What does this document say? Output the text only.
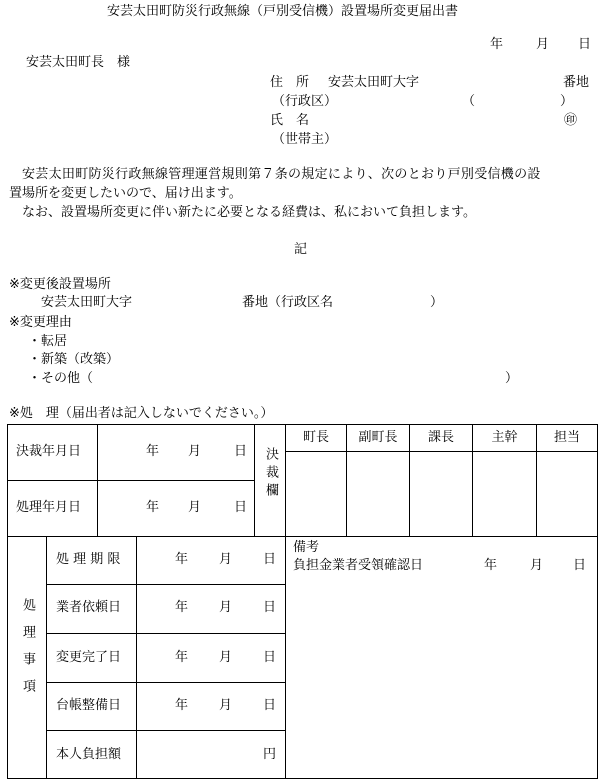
安芸太田町防災行政無線（戸別受信機）設置場所変更届出書
年	月 日
安芸太田町長　様
住　所 安芸太田町大字	番地
（行政区）	（	）
氏　名	㊞
（世帯主）
安芸太田町防災行政無線管理運営規則第７条の規定により、次のとおり戸別受信機の設
置場所を変更したいので、届け出ます。
なお、設置場所変更に伴い新たに必要となる経費は、私において負担します。
記
※変更後設置場所
安芸太田町大字	番地（行政区名	）
※変更理由
・転居
・新築（改築）
・その他（	）
※処　理（届出者は記入しないでください。）
決裁年月日	年 月	日
処理年月日	年 月	日
決裁欄
町長	副町長	課長	主幹	担当
処理事項
処 理 期 限	年 月 日
業者依頼日	年 月 日
変更完了日	年 月 日
台帳整備日	年 月 日
本人負担額	円
備考
負担金業者受領確認日	年	月 日
